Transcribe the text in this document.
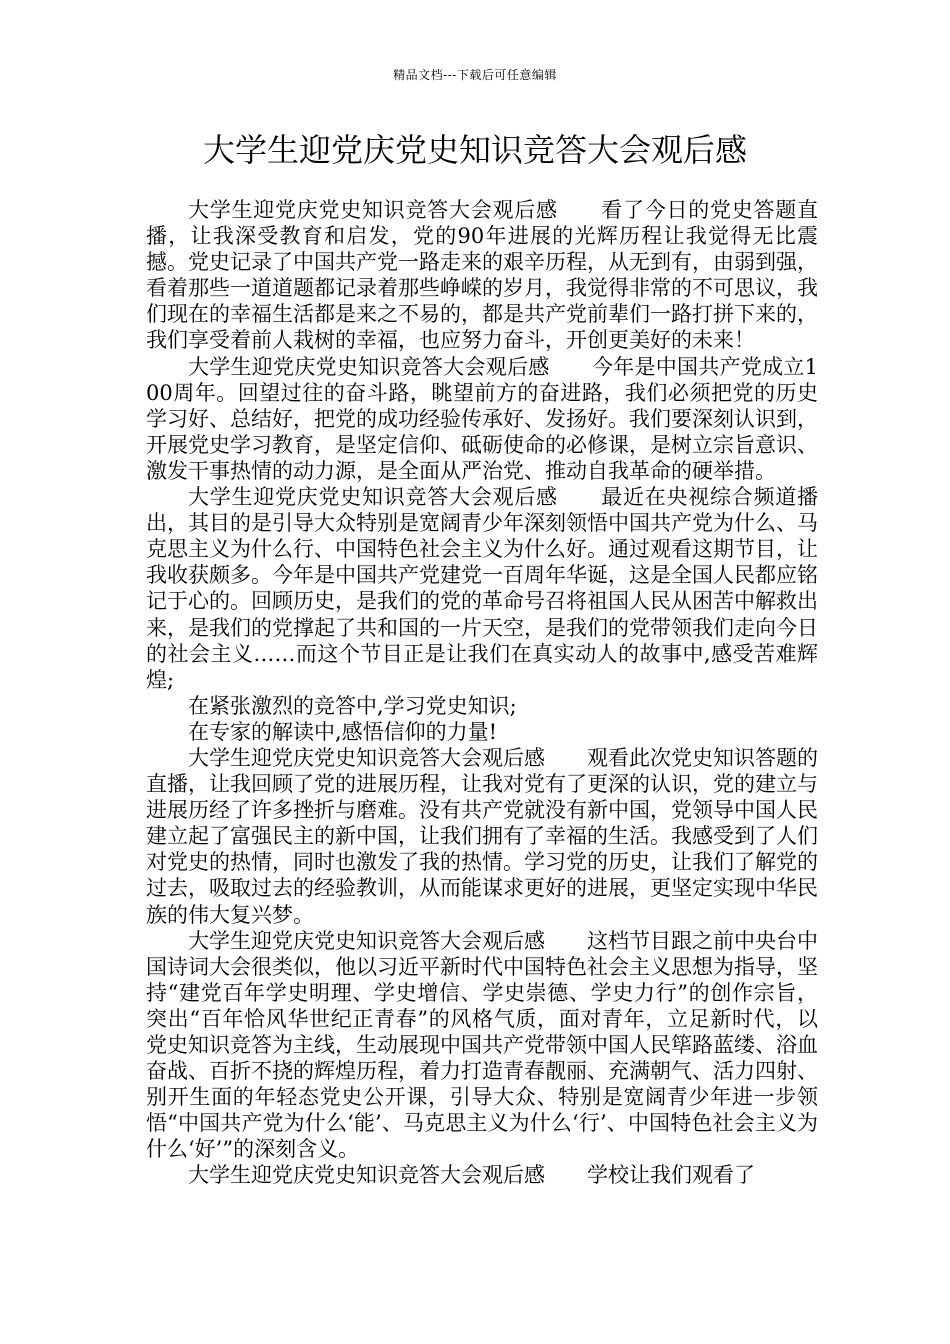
精品文档---下载后可任意编辑
大学生迎党庆党史知识竞答大会观后感

大学生迎党庆党史知识竞答大会观后感　　看了今日的党史答题直播，让我深受教育和启发，党的90年进展的光辉历程让我觉得无比震撼。党史记录了中国共产党一路走来的艰辛历程，从无到有，由弱到强，看着那些一道道题都记录着那些峥嵘的岁月，我觉得非常的不可思议，我们现在的幸福生活都是来之不易的，都是共产党前辈们一路打拼下来的，我们享受着前人栽树的幸福，也应努力奋斗，开创更美好的未来！

大学生迎党庆党史知识竞答大会观后感　　今年是中国共产党成立100周年。回望过往的奋斗路，眺望前方的奋进路，我们必须把党的历史学习好、总结好，把党的成功经验传承好、发扬好。我们要深刻认识到，开展党史学习教育，是坚定信仰、砥砺使命的必修课，是树立宗旨意识、激发干事热情的动力源，是全面从严治党、推动自我革命的硬举措。

大学生迎党庆党史知识竞答大会观后感　　最近在央视综合频道播出，其目的是引导大众特别是宽阔青少年深刻领悟中国共产党为什么、马克思主义为什么行、中国特色社会主义为什么好。通过观看这期节目，让我收获颇多。今年是中国共产党建党一百周年华诞，这是全国人民都应铭记于心的。回顾历史，是我们的党的革命号召将祖国人民从困苦中解救出来，是我们的党撑起了共和国的一片天空，是我们的党带领我们走向今日的社会主义……而这个节目正是让我们在真实动人的故事中,感受苦难辉煌;

在紧张激烈的竞答中,学习党史知识;

在专家的解读中,感悟信仰的力量!

大学生迎党庆党史知识竞答大会观后感　　观看此次党史知识答题的直播，让我回顾了党的进展历程，让我对党有了更深的认识，党的建立与进展历经了许多挫折与磨难。没有共产党就没有新中国，党领导中国人民建立起了富强民主的新中国，让我们拥有了幸福的生活。我感受到了人们对党史的热情，同时也激发了我的热情。学习党的历史，让我们了解党的过去，吸取过去的经验教训，从而能谋求更好的进展，更坚定实现中华民族的伟大复兴梦。

大学生迎党庆党史知识竞答大会观后感　　这档节目跟之前中央台中国诗词大会很类似，他以习近平新时代中国特色社会主义思想为指导，坚持“建党百年学史明理、学史增信、学史崇德、学史力行”的创作宗旨，突出“百年恰风华世纪正青春”的风格气质，面对青年，立足新时代，以党史知识竞答为主线，生动展现中国共产党带领中国人民筚路蓝缕、浴血奋战、百折不挠的辉煌历程，着力打造青春靓丽、充满朝气、活力四射、别开生面的年轻态党史公开课，引导大众、特别是宽阔青少年进一步领悟“中国共产党为什么‘能’、马克思主义为什么‘行’、中国特色社会主义为什么‘好’”的深刻含义。

大学生迎党庆党史知识竞答大会观后感　　学校让我们观看了
